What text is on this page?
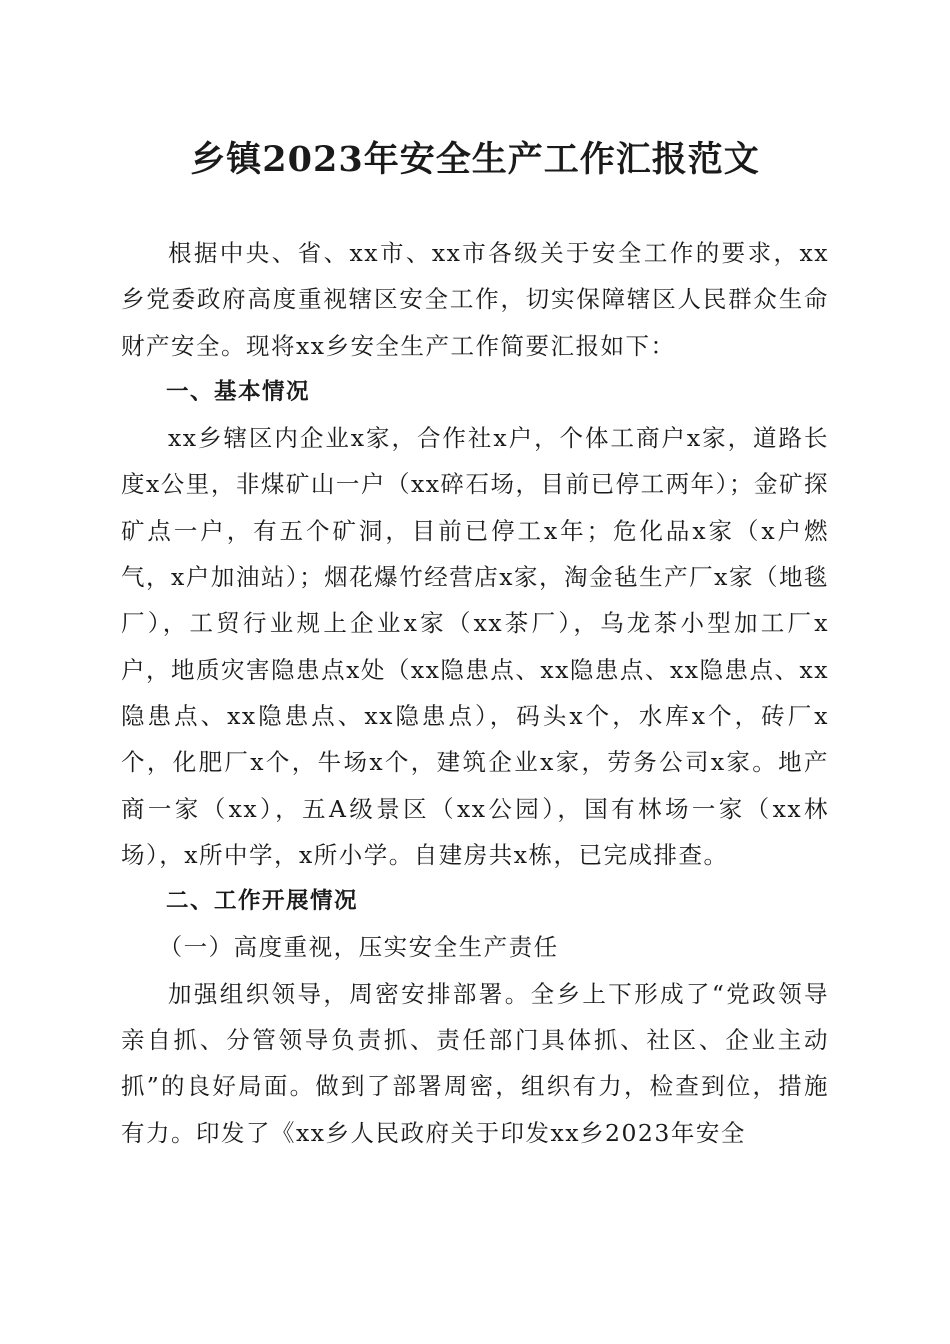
乡镇2023年安全生产工作汇报范文

根据中央、省、xx市、xx市各级关于安全工作的要求，xx乡党委政府高度重视辖区安全工作，切实保障辖区人民群众生命财产安全。现将xx乡安全生产工作简要汇报如下：

一、基本情况

xx乡辖区内企业x家，合作社x户，个体工商户x家，道路长度x公里，非煤矿山一户（xx碎石场，目前已停工两年）；金矿探矿点一户，有五个矿洞，目前已停工x年；危化品x家（x户燃气，x户加油站）；烟花爆竹经营店x家，淘金毡生产厂x家（地毯厂），工贸行业规上企业x家（xx茶厂），乌龙茶小型加工厂x户，地质灾害隐患点x处（xx隐患点、xx隐患点、xx隐患点、xx隐患点、xx隐患点、xx隐患点），码头x个，水库x个，砖厂x个，化肥厂x个，牛场x个，建筑企业x家，劳务公司x家。地产商一家（xx），五A级景区（xx公园），国有林场一家（xx林场），x所中学，x所小学。自建房共x栋，已完成排查。

二、工作开展情况

（一）高度重视，压实安全生产责任

加强组织领导，周密安排部署。全乡上下形成了“党政领导亲自抓、分管领导负责抓、责任部门具体抓、社区、企业主动抓”的良好局面。做到了部署周密，组织有力，检查到位，措施有力。印发了《xx乡人民政府关于印发xx乡2023年安全
